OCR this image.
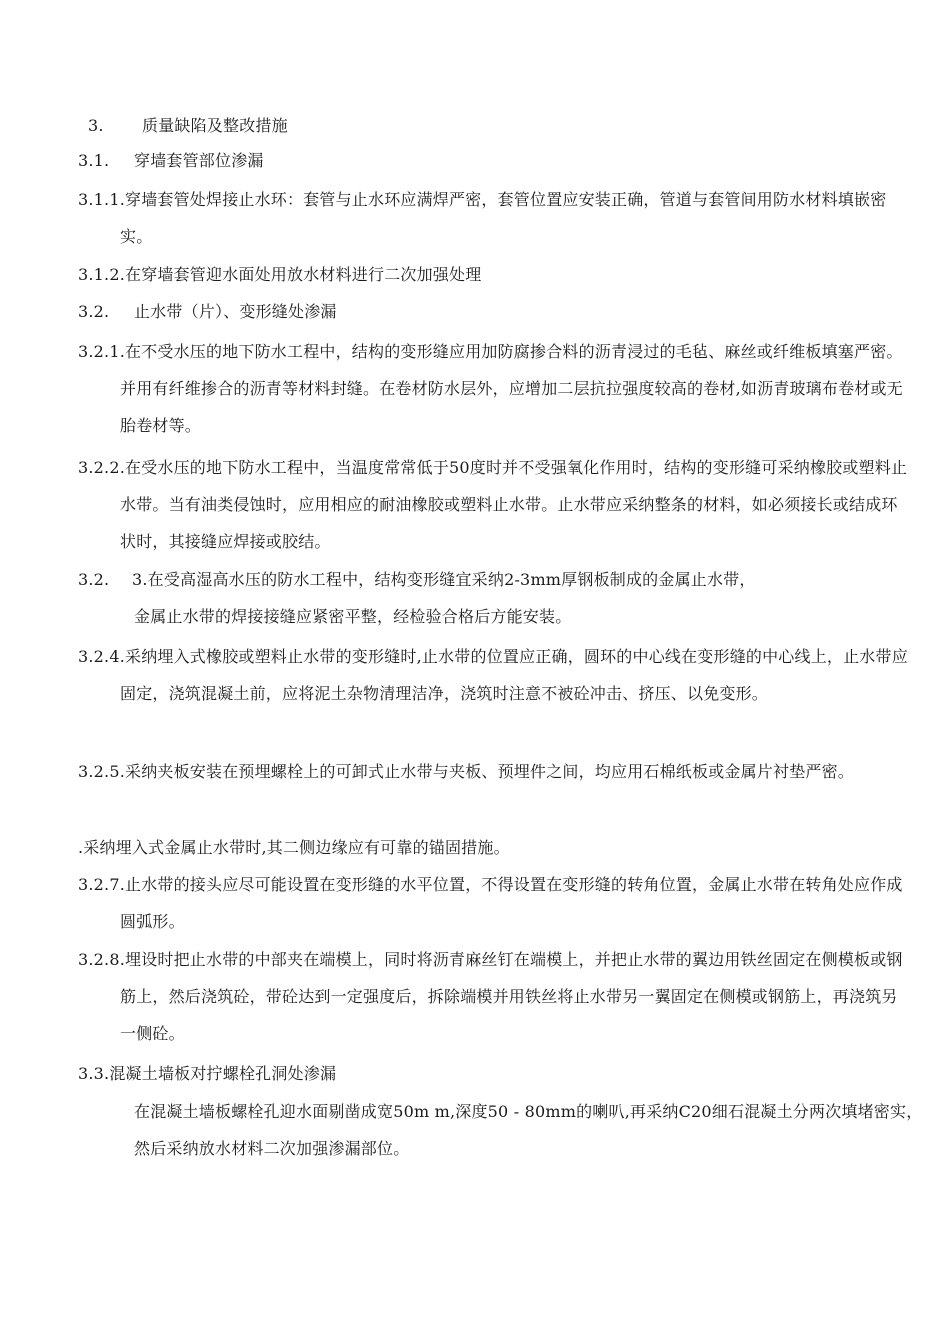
3. 质量缺陷及整改措施
3.1. 穿墙套管部位渗漏
3.1.1.穿墙套管处焊接止水环：套管与止水环应满焊严密，套管位置应安装正确，管道与套管间用防水材料填嵌密实。
3.1.2.在穿墙套管迎水面处用放水材料进行二次加强处理
3.2. 止水带（片）、变形缝处渗漏
3.2.1.在不受水压的地下防水工程中，结构的变形缝应用加防腐掺合料的沥青浸过的毛毡、麻丝或纤维板填塞严密。并用有纤维掺合的沥青等材料封缝。在卷材防水层外，应增加二层抗拉强度较高的卷材,如沥青玻璃布卷材或无胎卷材等。
3.2.2.在受水压的地下防水工程中，当温度常常低于50度时并不受强氧化作用时，结构的变形缝可采纳橡胶或塑料止水带。当有油类侵蚀时，应用相应的耐油橡胶或塑料止水带。止水带应采纳整条的材料，如必须接长或结成环状时，其接缝应焊接或胶结。
3.2. 3.在受高湿高水压的防水工程中，结构变形缝宜采纳2-3mm厚钢板制成的金属止水带，
金属止水带的焊接接缝应紧密平整，经检验合格后方能安装。
3.2.4.采纳埋入式橡胶或塑料止水带的变形缝时,止水带的位置应正确，圆环的中心线在变形缝的中心线上，止水带应固定，浇筑混凝土前，应将泥土杂物清理洁净，浇筑时注意不被砼冲击、挤压、以免变形。
3.2.5.采纳夹板安装在预埋螺栓上的可卸式止水带与夹板、预埋件之间，均应用石棉纸板或金属片衬垫严密。
.采纳埋入式金属止水带时,其二侧边缘应有可靠的锚固措施。
3.2.7.止水带的接头应尽可能设置在变形缝的水平位置，不得设置在变形缝的转角位置，金属止水带在转角处应作成圆弧形。
3.2.8.埋设时把止水带的中部夹在端模上，同时将沥青麻丝钉在端模上，并把止水带的翼边用铁丝固定在侧模板或钢筋上，然后浇筑砼，带砼达到一定强度后，拆除端模并用铁丝将止水带另一翼固定在侧模或钢筋上，再浇筑另一侧砼。
3.3.混凝土墙板对拧螺栓孔洞处渗漏
在混凝土墙板螺栓孔迎水面剔凿成宽50m m,深度50 - 80mm的喇叭,再采纳C20细石混凝土分两次填堵密实，然后采纳放水材料二次加强渗漏部位。
